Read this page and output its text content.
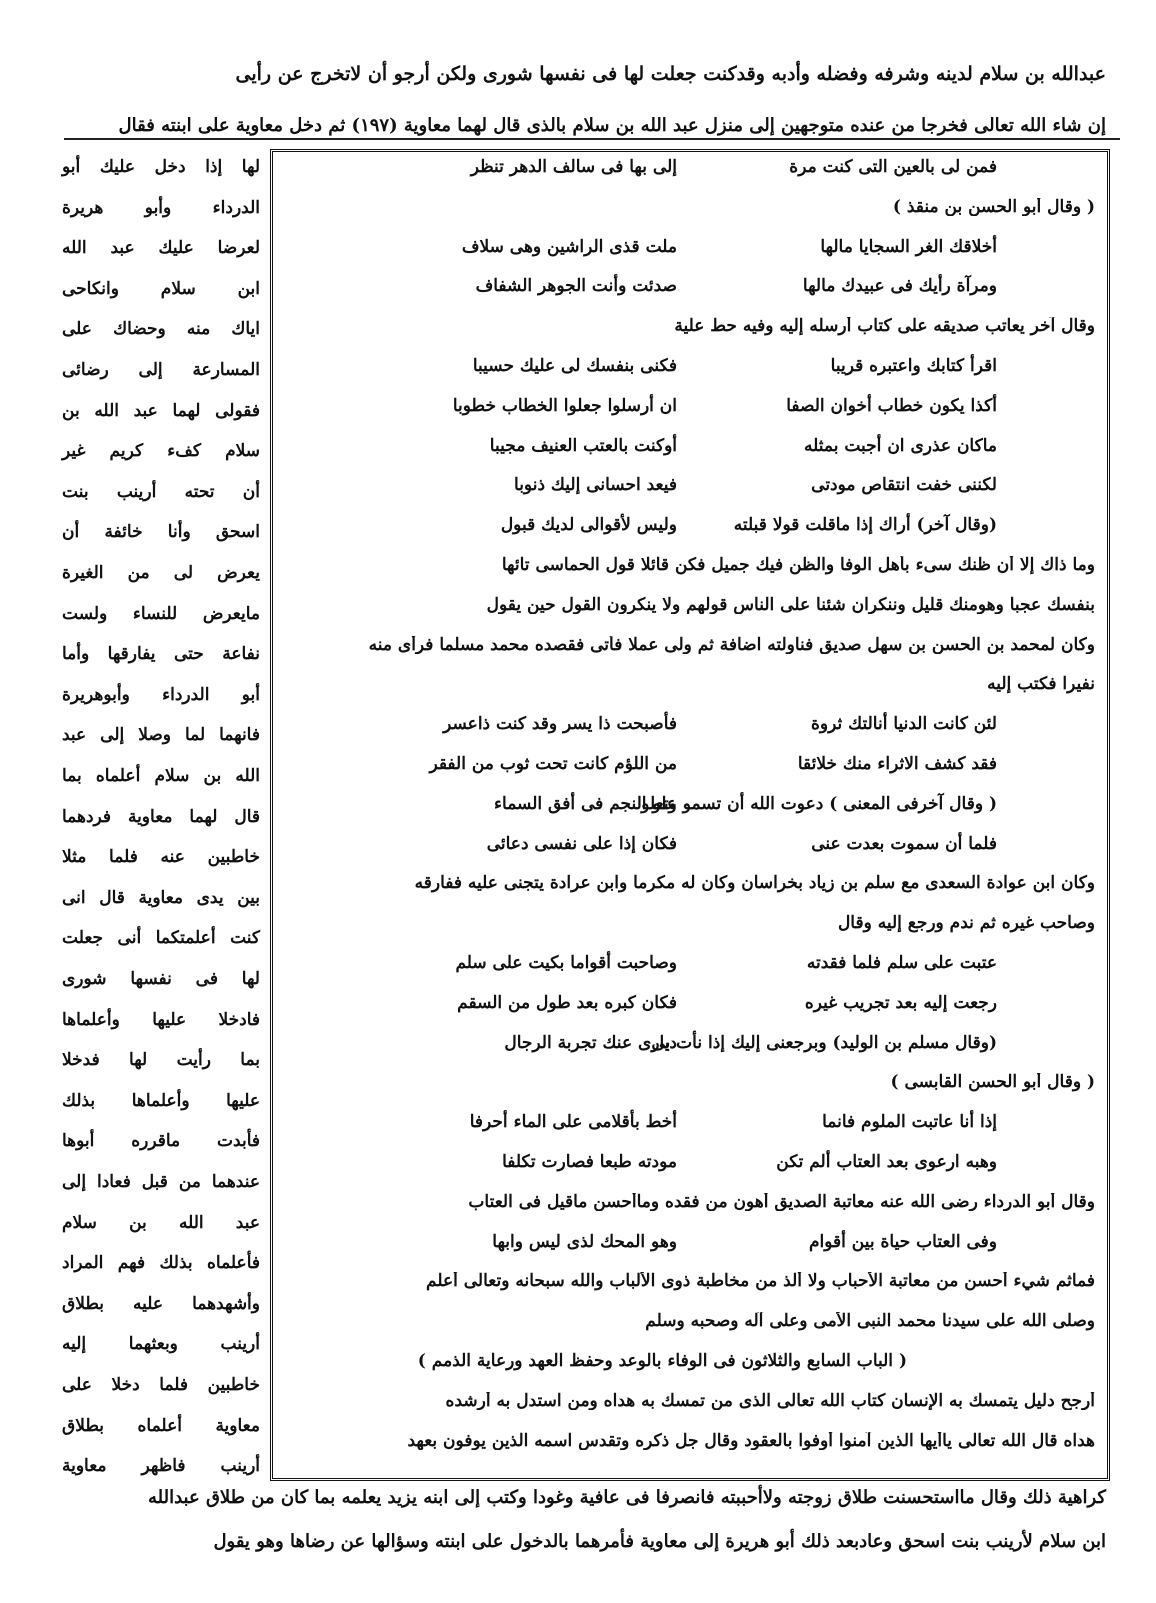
عبدالله بن سلام لدينه وشرفه وفضله وأدبه وقدكنت جعلت لها فى نفسها شورى ولكن أرجو أن لاتخرج عن رأيى
إن شاء الله تعالى فخرجا من عنده متوجهين إلى منزل عبد الله بن سلام بالذى قال لهما معاوية (١٩٧) ثم دخل معاوية على ابنته فقال
لها إذا دخل عليك أبو
الدرداء وأبو هريرة
لعرضا عليك عبد الله
ابن سلام وانكاحى
اياك منه وحضاك على
المسارعة إلى رضائى
فقولى لهما عبد الله بن
سلام كفء كريم غير
أن تحته أرينب بنت
اسحق وأنا خائفة أن
يعرض لى من الغيرة
مايعرض للنساء ولست
نفاعة حتى يفارقها وأما
أبو الدرداء وأبوهريرة
فانهما لما وصلا إلى عبد
الله بن سلام أعلماه بما
قال لهما معاوية فردهما
خاطبين عنه فلما مثلا
بين يدى معاوية قال انى
كنت أعلمتكما أنى جعلت
لها فى نفسها شورى
فادخلا عليها وأعلماها
بما رأيت لها فدخلا
عليها وأعلماها بذلك
فأبدت ماقرره أبوها
عندهما من قبل فعادا إلى
عبد الله بن سلام
فأعلماه بذلك فهم المراد
وأشهدهما عليه بطلاق
أرينب وبعثهما إليه
خاطبين فلما دخلا على
معاوية أعلماه بطلاق
أرينب فاظهر معاوية
فمن لى بالعين التى كنت مرة
إلى بها فى سالف الدهر تنظر
( وقال أبو الحسن بن منقذ )
أخلاقك الغر السجايا مالها
ملت قذى الراشين وهى سلاف
ومرآة رأيك فى عبيدك مالها
صدئت وأنت الجوهر الشفاف
وقال آخر يعاتب صديقه على كتاب أرسله إليه وفيه حط علية
اقرأ كتابك واعتبره قريبا
فكنى بنفسك لى عليك حسيبا
أكذا يكون خطاب أخوان الصفا
ان أرسلوا جعلوا الخطاب خطوبا
ماكان عذرى ان أجبت بمثله
أوكنت بالعتب العنيف مجيبا
لكننى خفت انتقاص مودتى
فيعد احسانى إليك ذنوبا
(وقال آخر) أراك إذا ماقلت قولا قبلته
وليس لأقوالى لديك قبول
وما ذاك إلا أن ظنك سىء بأهل الوفا والظن فيك جميل فكن قائلا قول الحماسى تائها
بنفسك عجبا وهومنك قليل وننكران شئنا على الناس قولهم ولا ينكرون القول حين يقول
وكان لمحمد بن الحسن بن سهل صديق فناولته اضافة ثم ولى عملا فأتى فقصده محمد مسلما فرأى منه
نفيرا فكتب إليه
لئن كانت الدنيا أنالتك ثروة
فأصبحت ذا يسر وقد كنت ذاعسر
فقد كشف الاثراء منك خلائقا
من اللؤم كانت تحت ثوب من الفقر
( وقال آخرفى المعنى ) دعوت الله أن تسمو وتعلو
علو النجم فى أفق السماء
فلما أن سموت بعدت عنى
فكان إذا على نفسى دعائى
وكان ابن عوادة السعدى مع سلم بن زياد بخراسان وكان له مكرما وابن عرادة يتجنى عليه ففارقه
وصاحب غيره ثم ندم ورجع إليه وقال
عتبت على سلم فلما فقدته
وصاحبت أقواما بكيت على سلم
رجعت إليه بعد تجريب غيره
فكان كبره بعد طول من السقم
(وقال مسلم بن الوليد) وبرجعنى إليك إذا نأت بى
ديارى عنك تجربة الرجال
( وقال أبو الحسن القابسى )
إذا أنا عاتبت الملوم فانما
أخط بأقلامى على الماء أحرفا
وهبه ارعوى بعد العتاب ألم تكن
مودته طبعا فصارت تكلفا
وقال أبو الدرداء رضى الله عنه معاتبة الصديق أهون من فقده وماأحسن ماقيل فى العتاب
وفى العتاب حياة بين أقوام
وهو المحك لذى ليس وابها
فماثم شيء أحسن من معاتبة الأحباب ولا ألذ من مخاطبة ذوى الألباب والله سبحانه وتعالى أعلم
وصلى الله على سيدنا محمد النبى الأمى وعلى آله وصحبه وسلم
( الباب السابع والثلاثون فى الوفاء بالوعد وحفظ العهد ورعاية الذمم )
أرجح دليل يتمسك به الإنسان كتاب الله تعالى الذى من تمسك به هداه ومن استدل به أرشده
هداه قال الله تعالى ياأيها الذين آمنوا أوفوا بالعقود وقال جل ذكره وتقدس اسمه الذين يوفون بعهد
كراهية ذلك وقال مااستحسنت طلاق زوجته ولاأحببته فانصرفا فى عافية وغودا وكتب إلى ابنه يزيد يعلمه بما كان من طلاق عبدالله
ابن سلام لأرينب بنت اسحق وعادبعد ذلك أبو هريرة إلى معاوية فأمرهما بالدخول على ابنته وسؤالها عن رضاها وهو يقول
